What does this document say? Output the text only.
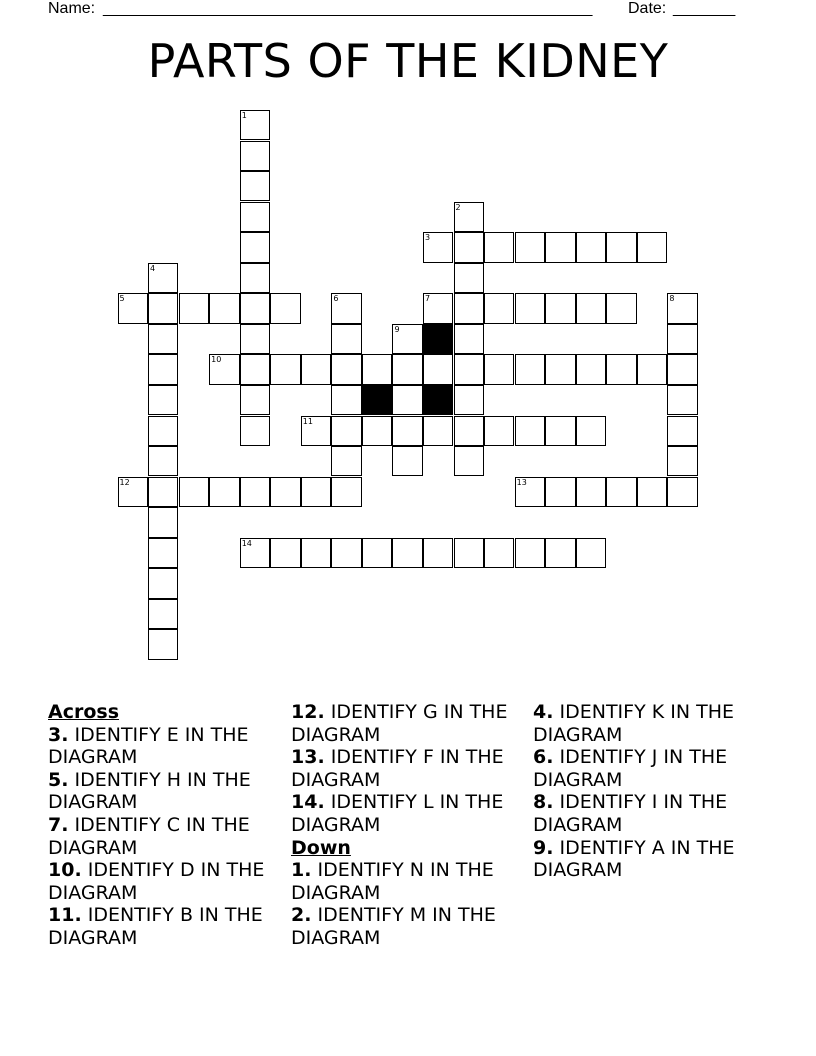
Name: _______________________________________________________ Date: _______
PARTS OF THE KIDNEY
1
2
3
4
5	6	7	8
9
10
11
12	13
14
Across

3. IDENTIFY E IN THE DIAGRAM

5. IDENTIFY H IN THE DIAGRAM

7. IDENTIFY C IN THE DIAGRAM

10. IDENTIFY D IN THE DIAGRAM

11. IDENTIFY B IN THE DIAGRAM

12. IDENTIFY G IN THE DIAGRAM

13. IDENTIFY F IN THE DIAGRAM

14. IDENTIFY L IN THE DIAGRAM

Down

1. IDENTIFY N IN THE DIAGRAM

2. IDENTIFY M IN THE DIAGRAM

4. IDENTIFY K IN THE DIAGRAM

6. IDENTIFY J IN THE DIAGRAM

8. IDENTIFY I IN THE DIAGRAM

9. IDENTIFY A IN THE DIAGRAM
